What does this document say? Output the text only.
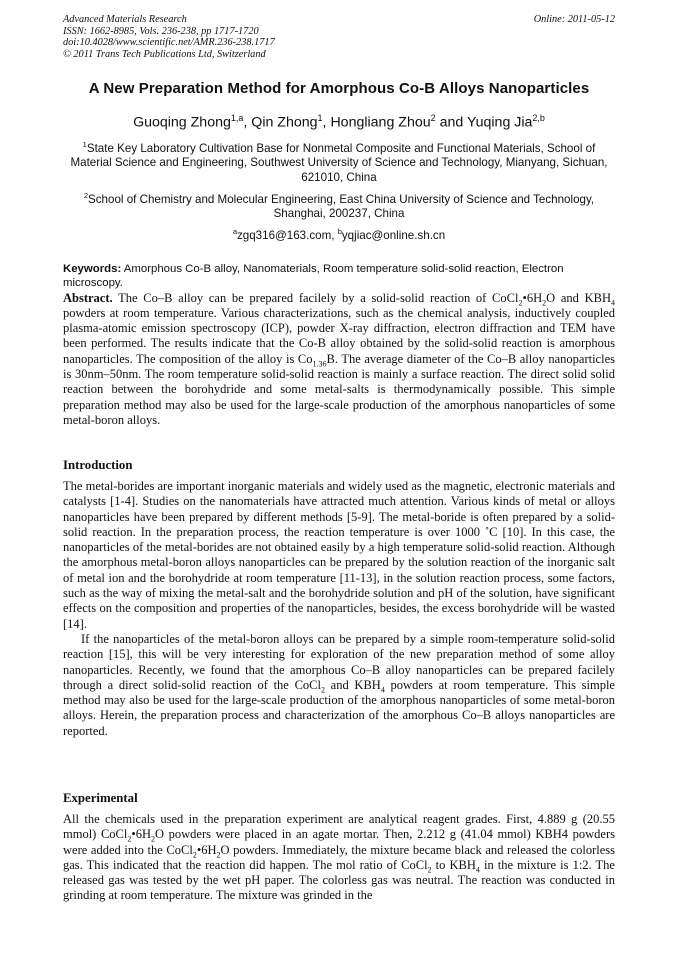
Advanced Materials Research
ISSN: 1662-8985, Vols. 236-238, pp 1717-1720
doi:10.4028/www.scientific.net/AMR.236-238.1717
© 2011 Trans Tech Publications Ltd, Switzerland
Online: 2011-05-12
A New Preparation Method for Amorphous Co-B Alloys Nanoparticles
Guoqing Zhong$^{1,a}$, Qin Zhong$^1$, Hongliang Zhou$^2$ and Yuqing Jia$^{2,b}$
$^1$State Key Laboratory Cultivation Base for Nonmetal Composite and Functional Materials, School of Material Science and Engineering, Southwest University of Science and Technology, Mianyang, Sichuan, 621010, China
$^2$School of Chemistry and Molecular Engineering, East China University of Science and Technology, Shanghai, 200237, China
$^a$zgq316@163.com, $^b$yqjiac@online.sh.cn

Keywords: Amorphous Co-B alloy, Nanomaterials, Room temperature solid-solid reaction, Electron microscopy.

Abstract. The Co–B alloy can be prepared facilely by a solid-solid reaction of $CoCl_2•6H_2O$ and $KBH_4$ powders at room temperature. Various characterizations, such as the chemical analysis, inductively coupled plasma-atomic emission spectroscopy (ICP), powder X-ray diffraction, electron diffraction and TEM have been performed. The results indicate that the Co-B alloy obtained by the solid-solid reaction is amorphous nanoparticles. The composition of the alloy is $Co_{1.36}B$. The average diameter of the Co–B alloy nanoparticles is 30nm–50nm. The room temperature solid-solid reaction is mainly a surface reaction. The direct solid solid reaction between the borohydride and some metal-salts is thermodynamically possible. This simple preparation method may also be used for the large-scale production of the amorphous nanoparticles of some metal-boron alloys.

Introduction

The metal-borides are important inorganic materials and widely used as the magnetic, electronic materials and catalysts [1-4]. Studies on the nanomaterials have attracted much attention. Various kinds of metal or alloys nanoparticles have been prepared by different methods [5-9]. The metal-boride is often prepared by a solid-solid reaction. In the preparation process, the reaction temperature is over 1000 ˚C [10]. In this case, the nanoparticles of the metal-borides are not obtained easily by a high temperature solid-solid reaction. Although the amorphous metal-boron alloys nanoparticles can be prepared by the solution reaction of the inorganic salt of metal ion and the borohydride at room temperature [11-13], in the solution reaction process, some factors, such as the way of mixing the metal-salt and the borohydride solution and pH of the solution, have significant effects on the composition and properties of the nanoparticles, besides, the excess borohydride will be wasted [14].

If the nanoparticles of the metal-boron alloys can be prepared by a simple room-temperature solid-solid reaction [15], this will be very interesting for exploration of the new preparation method of some alloy nanoparticles. Recently, we found that the amorphous Co–B alloy nanoparticles can be prepared facilely through a direct solid-solid reaction of the CoCl$_2$ and $KBH_4$ powders at room temperature. This simple method may also be used for the large-scale production of the amorphous nanoparticles of some metal-boron alloys. Herein, the preparation process and characterization of the amorphous Co–B alloys nanoparticles are reported.

Experimental

All the chemicals used in the preparation experiment are analytical reagent grades. First, 4.889 g (20.55 mmol) $CoCl_2•6H_2O$ powders were placed in an agate mortar. Then, 2.212 g (41.04 mmol) KBH4 powders were added into the $CoCl_2•6H_2O$ powders. Immediately, the mixture became black and released the colorless gas. This indicated that the reaction did happen. The mol ratio of CoCl$_2$ to $KBH_4$ in the mixture is 1:2. The released gas was tested by the wet pH paper. The colorless gas was neutral. The reaction was conducted in grinding at room temperature. The mixture was grinded in the
